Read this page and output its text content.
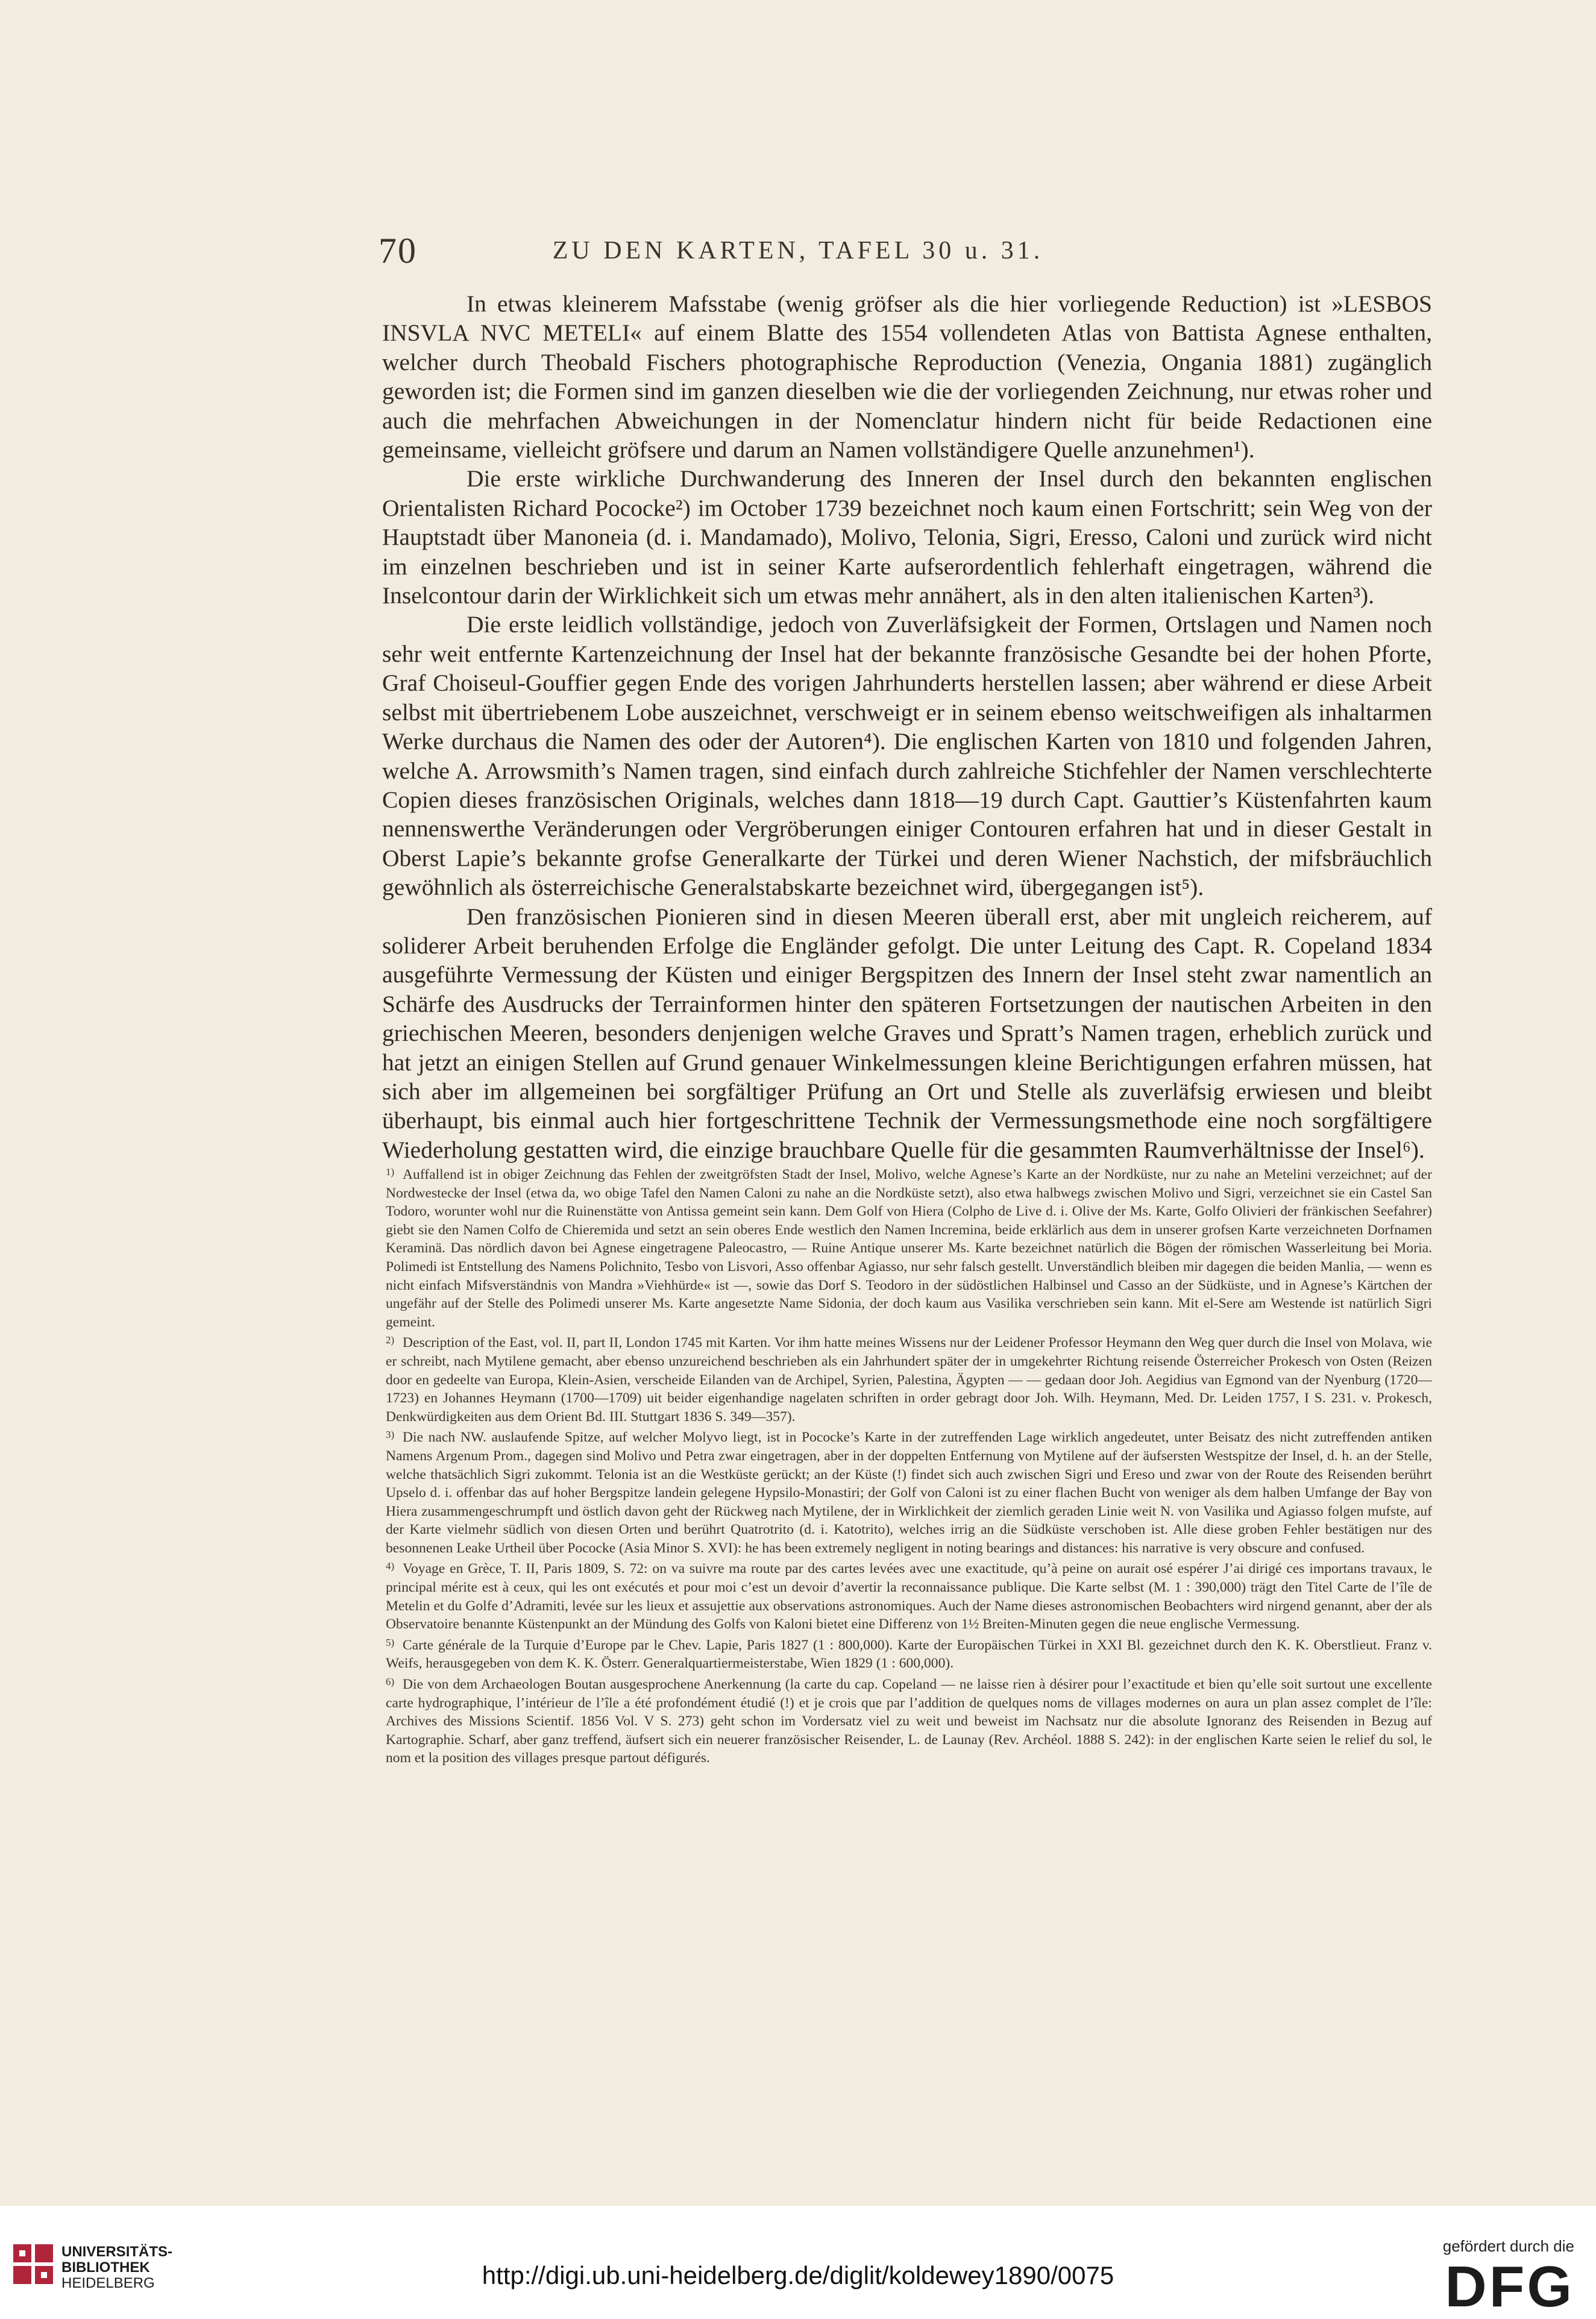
70	ZU DEN KARTEN, TAFEL 30 u. 31.

In etwas kleinerem Mafsstabe (wenig gröfser als die hier vorliegende Reduction) ist »LESBOS INSVLA NVC METELI« auf einem Blatte des 1554 vollendeten Atlas von Battista Agnese enthalten, welcher durch Theobald Fischers photographische Reproduction (Venezia, Ongania 1881) zugänglich geworden ist; die Formen sind im ganzen dieselben wie die der vorliegenden Zeichnung, nur etwas roher und auch die mehrfachen Abweichungen in der Nomenclatur hindern nicht für beide Redactionen eine gemeinsame, vielleicht gröfsere und darum an Namen vollständigere Quelle anzunehmen¹).

Die erste wirkliche Durchwanderung des Inneren der Insel durch den bekannten englischen Orientalisten Richard Pococke²) im October 1739 bezeichnet noch kaum einen Fortschritt; sein Weg von der Hauptstadt über Manoneia (d. i. Mandamado), Molivo, Telonia, Sigri, Eresso, Caloni und zurück wird nicht im einzelnen beschrieben und ist in seiner Karte aufserordentlich fehlerhaft eingetragen, während die Inselcontour darin der Wirklichkeit sich um etwas mehr annähert, als in den alten italienischen Karten³).

Die erste leidlich vollständige, jedoch von Zuverläfsigkeit der Formen, Ortslagen und Namen noch sehr weit entfernte Kartenzeichnung der Insel hat der bekannte französische Gesandte bei der hohen Pforte, Graf Choiseul-Gouffier gegen Ende des vorigen Jahrhunderts herstellen lassen; aber während er diese Arbeit selbst mit übertriebenem Lobe auszeichnet, verschweigt er in seinem ebenso weitschweifigen als inhaltarmen Werke durchaus die Namen des oder der Autoren⁴). Die englischen Karten von 1810 und folgenden Jahren, welche A. Arrowsmith’s Namen tragen, sind einfach durch zahlreiche Stichfehler der Namen verschlechterte Copien dieses französischen Originals, welches dann 1818—19 durch Capt. Gauttier’s Küstenfahrten kaum nennenswerthe Veränderungen oder Vergröberungen einiger Contouren erfahren hat und in dieser Gestalt in Oberst Lapie’s bekannte grofse Generalkarte der Türkei und deren Wiener Nachstich, der mifsbräuchlich gewöhnlich als österreichische Generalstabskarte bezeichnet wird, übergegangen ist⁵).

Den französischen Pionieren sind in diesen Meeren überall erst, aber mit ungleich reicherem, auf soliderer Arbeit beruhenden Erfolge die Engländer gefolgt. Die unter Leitung des Capt. R. Copeland 1834 ausgeführte Vermessung der Küsten und einiger Bergspitzen des Innern der Insel steht zwar namentlich an Schärfe des Ausdrucks der Terrainformen hinter den späteren Fortsetzungen der nautischen Arbeiten in den griechischen Meeren, besonders denjenigen welche Graves und Spratt’s Namen tragen, erheblich zurück und hat jetzt an einigen Stellen auf Grund genauer Winkelmessungen kleine Berichtigungen erfahren müssen, hat sich aber im allgemeinen bei sorgfältiger Prüfung an Ort und Stelle als zuverläfsig erwiesen und bleibt überhaupt, bis einmal auch hier fortgeschrittene Technik der Vermessungsmethode eine noch sorgfältigere Wiederholung gestatten wird, die einzige brauchbare Quelle für die gesammten Raumverhältnisse der Insel⁶).

1) Auffallend ist in obiger Zeichnung das Fehlen der zweitgröfsten Stadt der Insel, Molivo, welche Agnese’s Karte an der Nordküste, nur zu nahe an Metelini verzeichnet; auf der Nordwestecke der Insel (etwa da, wo obige Tafel den Namen Caloni zu nahe an die Nordküste setzt), also etwa halbwegs zwischen Molivo und Sigri, verzeichnet sie ein Castel San Todoro, worunter wohl nur die Ruinenstätte von Antissa gemeint sein kann. Dem Golf von Hiera (Colpho de Live d. i. Olive der Ms. Karte, Golfo Olivieri der fränkischen Seefahrer) giebt sie den Namen Colfo de Chieremida und setzt an sein oberes Ende westlich den Namen Incremina, beide erklärlich aus dem in unserer grofsen Karte verzeichneten Dorfnamen Keraminä. Das nördlich davon bei Agnese eingetragene Paleocastro, — Ruine Antique unserer Ms. Karte bezeichnet natürlich die Bögen der römischen Wasserleitung bei Moria. Polimedi ist Entstellung des Namens Polichnito, Tesbo von Lisvori, Asso offenbar Agiasso, nur sehr falsch gestellt. Unverständlich bleiben mir dagegen die beiden Manlia, — wenn es nicht einfach Mifsverständnis von Mandra »Viehhürde« ist —, sowie das Dorf S. Teodoro in der südöstlichen Halbinsel und Casso an der Südküste, und in Agnese’s Kärtchen der ungefähr auf der Stelle des Polimedi unserer Ms. Karte angesetzte Name Sidonia, der doch kaum aus Vasilika verschrieben sein kann. Mit el-Sere am Westende ist natürlich Sigri gemeint.
2) Description of the East, vol. II, part II, London 1745 mit Karten. Vor ihm hatte meines Wissens nur der Leidener Professor Heymann den Weg quer durch die Insel von Molava, wie er schreibt, nach Mytilene gemacht, aber ebenso unzureichend beschrieben als ein Jahrhundert später der in umgekehrter Richtung reisende Österreicher Prokesch von Osten (Reizen door en gedeelte van Europa, Klein-Asien, verscheide Eilanden van de Archipel, Syrien, Palestina, Ägypten — — gedaan door Joh. Aegidius van Egmond van der Nyenburg (1720—1723) en Johannes Heymann (1700—1709) uit beider eigenhandige nagelaten schriften in order gebragt door Joh. Wilh. Heymann, Med. Dr. Leiden 1757, I S. 231. v. Prokesch, Denkwürdigkeiten aus dem Orient Bd. III. Stuttgart 1836 S. 349—357).
3) Die nach NW. auslaufende Spitze, auf welcher Molyvo liegt, ist in Pococke’s Karte in der zutreffenden Lage wirklich angedeutet, unter Beisatz des nicht zutreffenden antiken Namens Argenum Prom., dagegen sind Molivo und Petra zwar eingetragen, aber in der doppelten Entfernung von Mytilene auf der äufsersten Westspitze der Insel, d. h. an der Stelle, welche thatsächlich Sigri zukommt. Telonia ist an die Westküste gerückt; an der Küste (!) findet sich auch zwischen Sigri und Ereso und zwar von der Route des Reisenden berührt Upselo d. i. offenbar das auf hoher Bergspitze landein gelegene Hypsilo-Monastiri; der Golf von Caloni ist zu einer flachen Bucht von weniger als dem halben Umfange der Bay von Hiera zusammengeschrumpft und östlich davon geht der Rückweg nach Mytilene, der in Wirklichkeit der ziemlich geraden Linie weit N. von Vasilika und Agiasso folgen mufste, auf der Karte vielmehr südlich von diesen Orten und berührt Quatrotrito (d. i. Katotrito), welches irrig an die Südküste verschoben ist. Alle diese groben Fehler bestätigen nur des besonnenen Leake Urtheil über Pococke (Asia Minor S. XVI): he has been extremely negligent in noting bearings and distances: his narrative is very obscure and confused.
4) Voyage en Grèce, T. II, Paris 1809, S. 72: on va suivre ma route par des cartes levées avec une exactitude, qu’à peine on aurait osé espérer J’ai dirigé ces importans travaux, le principal mérite est à ceux, qui les ont exécutés et pour moi c’est un devoir d’avertir la reconnaissance publique. Die Karte selbst (M. 1 : 390,000) trägt den Titel Carte de l’île de Metelin et du Golfe d’Adramiti, levée sur les lieux et assujettie aux observations astronomiques. Auch der Name dieses astronomischen Beobachters wird nirgend genannt, aber der als Observatoire benannte Küstenpunkt an der Mündung des Golfs von Kaloni bietet eine Differenz von 1½ Breiten-Minuten gegen die neue englische Vermessung.
5) Carte générale de la Turquie d’Europe par le Chev. Lapie, Paris 1827 (1 : 800,000). Karte der Europäischen Türkei in XXI Bl. gezeichnet durch den K. K. Oberstlieut. Franz v. Weifs, herausgegeben von dem K. K. Österr. Generalquartiermeisterstabe, Wien 1829 (1 : 600,000).
6) Die von dem Archaeologen Boutan ausgesprochene Anerkennung (la carte du cap. Copeland — ne laisse rien à désirer pour l’exactitude et bien qu’elle soit surtout une excellente carte hydrographique, l’intérieur de l’île a été profondément étudié (!) et je crois que par l’addition de quelques noms de villages modernes on aura un plan assez complet de l’île: Archives des Missions Scientif. 1856 Vol. V S. 273) geht schon im Vordersatz viel zu weit und beweist im Nachsatz nur die absolute Ignoranz des Reisenden in Bezug auf Kartographie. Scharf, aber ganz treffend, äufsert sich ein neuerer französischer Reisender, L. de Launay (Rev. Archéol. 1888 S. 242): in der englischen Karte seien le relief du sol, le nom et la position des villages presque partout défigurés.
UNIVERSITÄTS-
BIBLIOTHEK
HEIDELBERG	http://digi.ub.uni-heidelberg.de/diglit/koldewey1890/0075
gefördert durch die
DFG
